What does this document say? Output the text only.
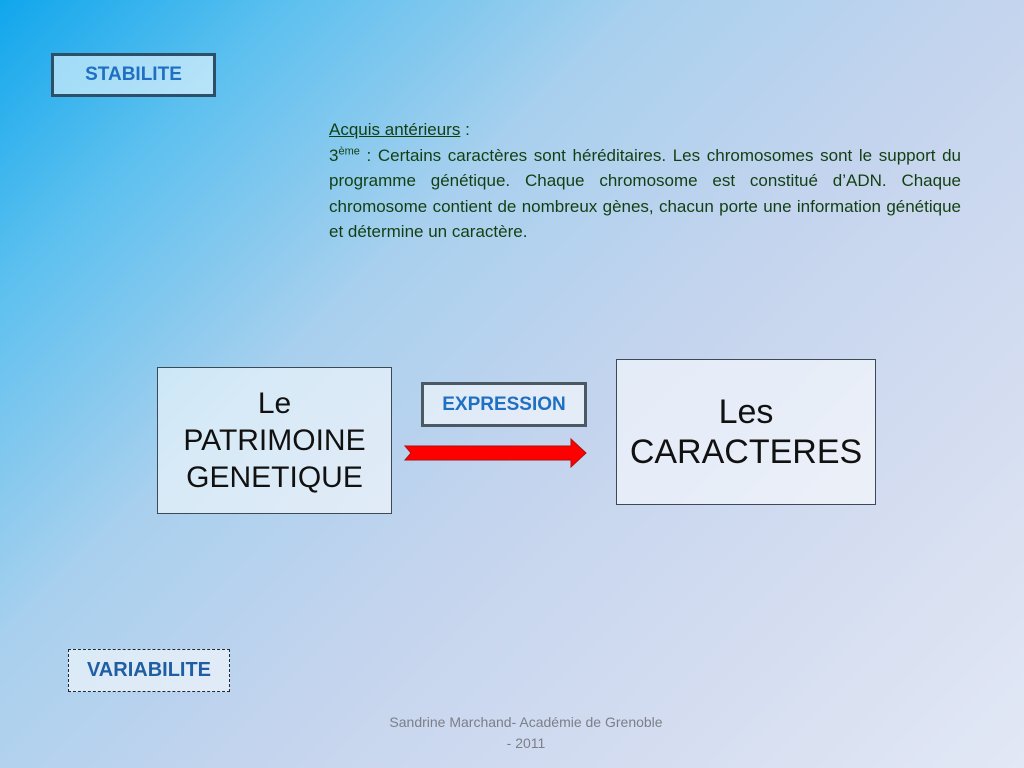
STABILITE
Acquis antérieurs :
3ème : Certains caractères sont héréditaires. Les chromosomes sont le support du programme génétique. Chaque chromosome est constitué d’ADN. Chaque chromosome contient de nombreux gènes, chacun porte une information génétique et détermine un caractère.
Le
PATRIMOINE
GENETIQUE
EXPRESSION	Les
CARACTERES
VARIABILITE
Sandrine Marchand- Académie de Grenoble
- 2011
